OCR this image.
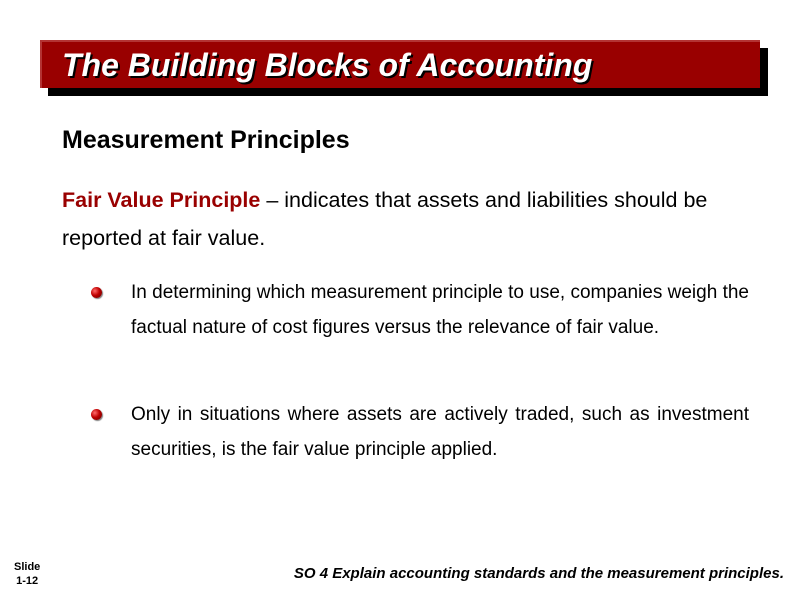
The Building Blocks of Accounting
Measurement Principles
Fair Value Principle – indicates that assets and liabilities should be reported at fair value.
In determining which measurement principle to use, companies weigh the factual nature of cost figures versus the relevance of fair value.
Only in situations where assets are actively traded, such as investment securities, is the fair value principle applied.
Slide
1-12	SO 4 Explain accounting standards and the measurement principles.
